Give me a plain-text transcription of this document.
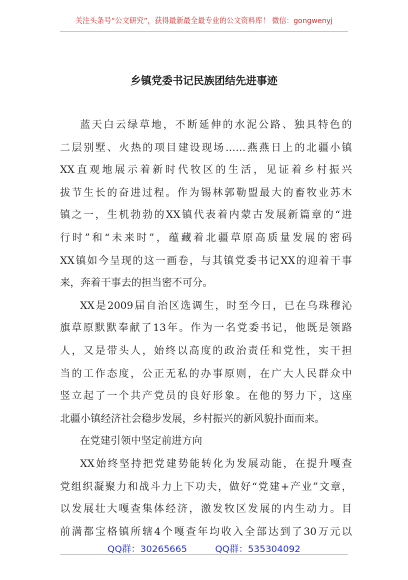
关注头条号“公文研究”，获得最新最全最专业的公文资料库！ 微信：gongwenyj
乡镇党委书记民族团结先进事迹
蓝天白云绿草地，不断延伸的水泥公路、独具特色的
二层别墅、火热的项目建设现场……燕燕日上的北疆小镇
XX直观地展示着新时代牧区的生活，见证着乡村振兴
拔节生长的奋进过程。作为锡林郭勒盟最大的畜牧业苏木
镇之一，生机勃勃的XX镇代表着内蒙古发展新篇章的“进
行时”和“未来时”，蕴藏着北疆草原高质量发展的密码
XX镇如今呈现的这一画卷，与其镇党委书记XX的迎着干事
来，奔着干事去的担当密不可分。
XX是2009届自治区选调生，时至今日，已在乌珠穆沁
旗草原默默奉献了13年。作为一名党委书记，他既是领路
人，又是带头人，始终以高度的政治责任和党性，实干担
当的工作态度，公正无私的办事原则，在广大人民群众中
竖立起了一个共产党员的良好形象。在他的努力下，这座
北疆小镇经济社会稳步发展，乡村振兴的新风貌扑面而来。
在党建引领中坚定前进方向
XX始终坚持把党建势能转化为发展动能，在提升嘎查
党组织凝聚力和战斗力上下功夫，做好“党建+产业”文章，
以发展壮大嘎查集体经济，激发牧区发展的内生动力。目
前满都宝格镇所辖4个嘎查年均收入全部达到了30万元以
QQ群：30265665	QQ群：535304092
